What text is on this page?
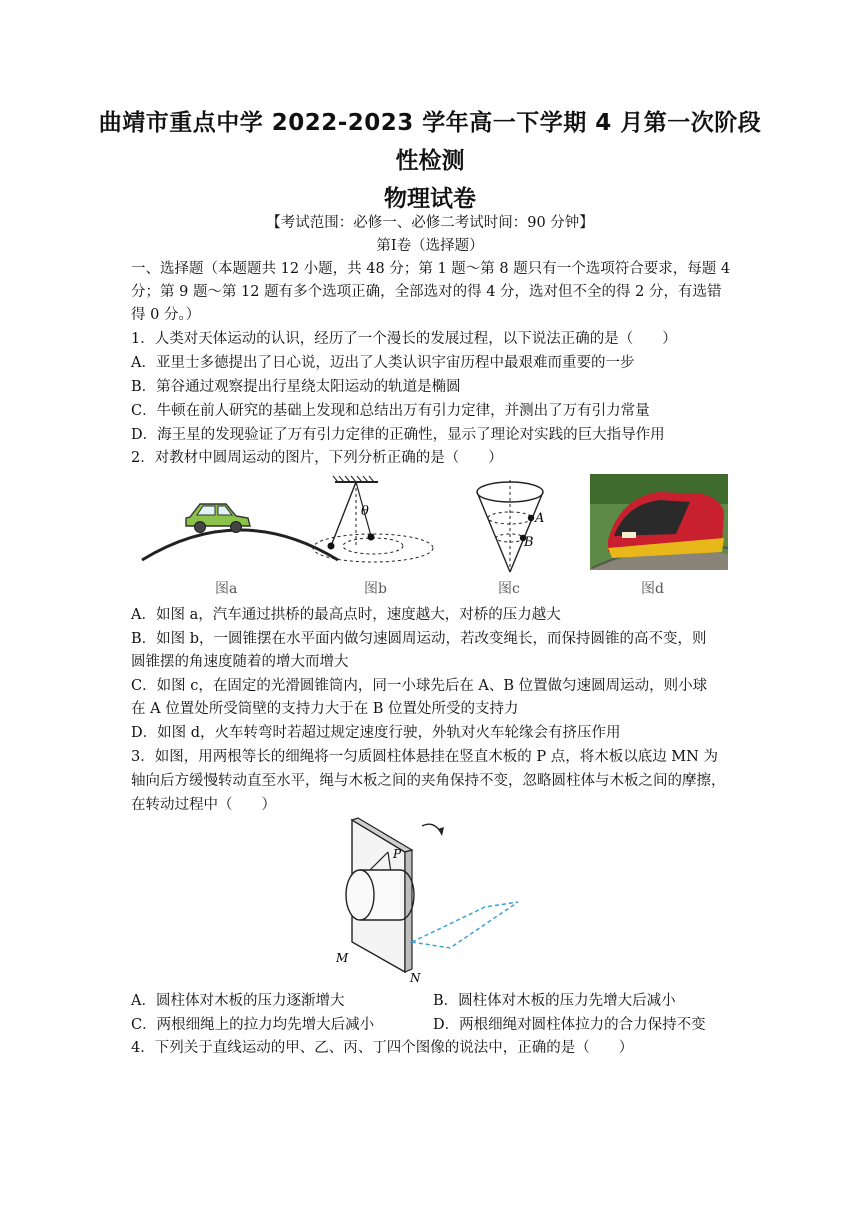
曲靖市重点中学 2022-2023 学年高一下学期 4 月第一次阶段
性检测
物理试卷
【考试范围：必修一、必修二考试时间：90 分钟】
第Ⅰ卷（选择题）
一、选择题（本题题共 12 小题，共 48 分；第 1 题～第 8 题只有一个选项符合要求，每题 4
分；第 9 题～第 12 题有多个选项正确，全部选对的得 4 分，选对但不全的得 2 分，有选错
得 0 分。）
1．人类对天体运动的认识，经历了一个漫长的发展过程，以下说法正确的是（　　）
A．亚里士多德提出了日心说，迈出了人类认识宇宙历程中最艰难而重要的一步
B．第谷通过观察提出行星绕太阳运动的轨道是椭圆
C．牛顿在前人研究的基础上发现和总结出万有引力定律，并测出了万有引力常量
D．海王星的发现验证了万有引力定律的正确性，显示了理论对实践的巨大指导作用
2．对教材中圆周运动的图片，下列分析正确的是（　　）
图a
θ
图b
A
B
图c	图d
A．如图 a，汽车通过拱桥的最高点时，速度越大，对桥的压力越大
B．如图 b，一圆锥摆在水平面内做匀速圆周运动，若改变绳长，而保持圆锥的高不变，则
圆锥摆的角速度随着的增大而增大
C．如图 c，在固定的光滑圆锥筒内，同一小球先后在 A、B 位置做匀速圆周运动，则小球
在 A 位置处所受筒壁的支持力大于在 B 位置处所受的支持力
D．如图 d，火车转弯时若超过规定速度行驶，外轨对火车轮缘会有挤压作用
3．如图，用两根等长的细绳将一匀质圆柱体悬挂在竖直木板的 P 点，将木板以底边 MN 为
轴向后方缓慢转动直至水平，绳与木板之间的夹角保持不变，忽略圆柱体与木板之间的摩擦，
在转动过程中（　　）
P
M
N
A．圆柱体对木板的压力逐渐增大	B．圆柱体对木板的压力先增大后减小
C．两根细绳上的拉力均先增大后减小	D．两根细绳对圆柱体拉力的合力保持不变
4．下列关于直线运动的甲、乙、丙、丁四个图像的说法中，正确的是（　　）
